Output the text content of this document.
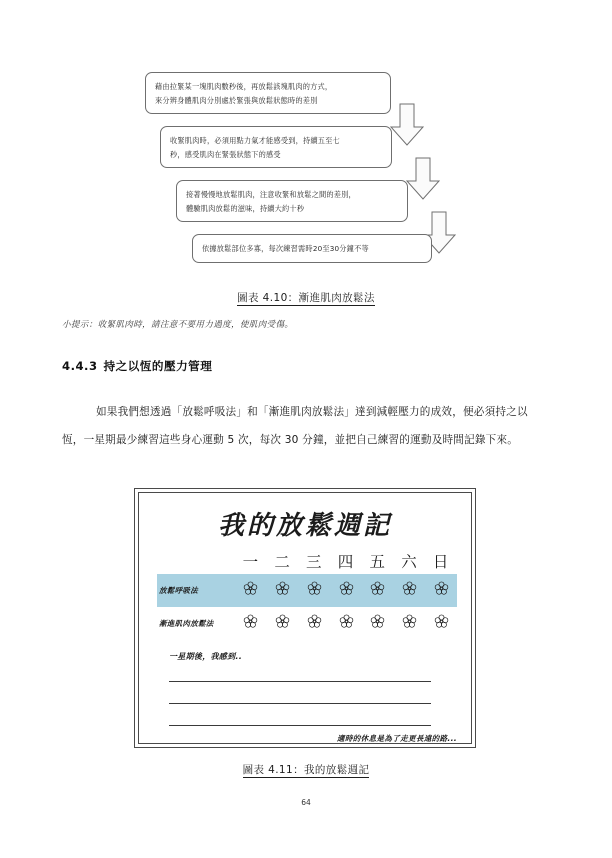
藉由拉緊某一塊肌肉數秒後，再放鬆該塊肌肉的方式，
來分辨身體肌肉分別處於緊張與放鬆狀態時的差別
收緊肌肉時，必須用點力氣才能感受到，持續五至七
秒，感受肌肉在緊張狀態下的感受
接著慢慢地放鬆肌肉，注意收緊和放鬆之間的差別，
體驗肌肉放鬆的滋味，持續大約十秒
依據放鬆部位多寡，每次練習需時20至30分鐘不等
圖表 4.10：漸進肌肉放鬆法
小提示：收緊肌肉時，請注意不要用力過度，使肌肉受傷。
4.4.3 持之以恆的壓力管理
如果我們想透過「放鬆呼吸法」和「漸進肌肉放鬆法」達到減輕壓力的成效，便必須持之以恆，一星期最少練習這些身心運動 5 次，每次 30 分鐘，並把自己練習的運動及時間記錄下來。
我的放鬆週記
一 二 三 四 五 六 日
放鬆呼吸法
漸進肌肉放鬆法
一星期後，我感到..
適時的休息是為了走更長遠的路...
圖表 4.11：我的放鬆週記
64
